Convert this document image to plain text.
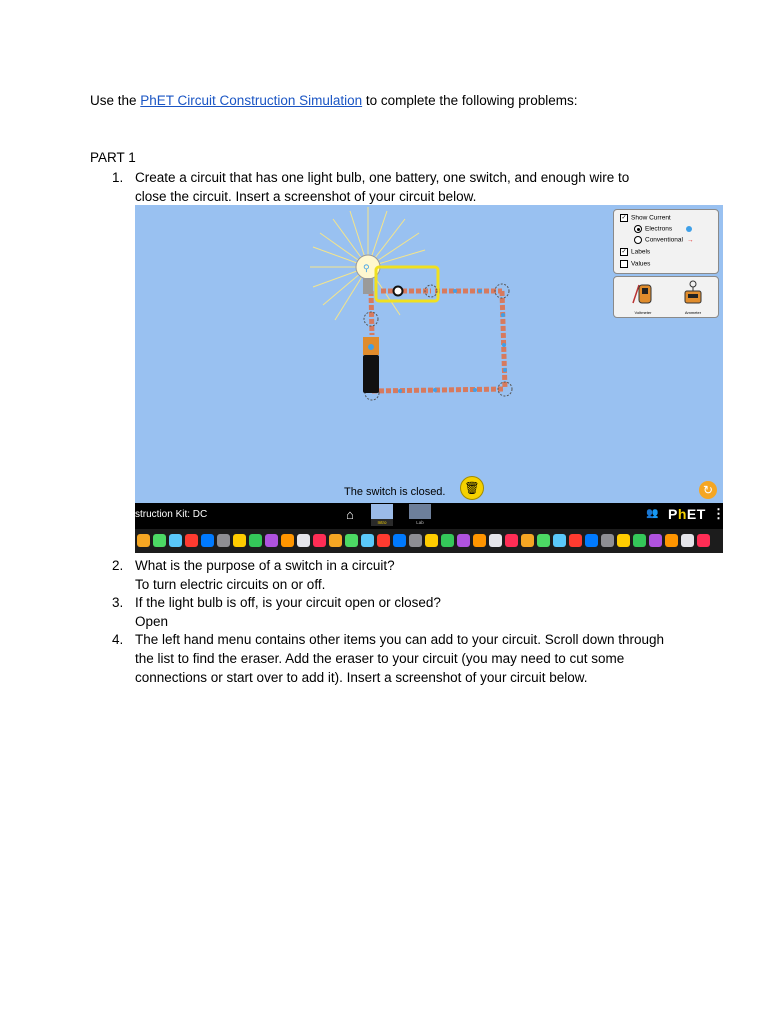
Use the PhET Circuit Construction Simulation to complete the following problems:
PART 1
1. Create a circuit that has one light bulb, one battery, one switch, and enough wire to
close the circuit. Insert a screenshot of your circuit below.
⚲
✓ Show Current
Electrons
Conventional →
✓ Labels
Values
Voltmeter	Ammeter
The switch is closed.	🗑	↻
struction Kit: DC	⌂
Intro	Lab
👥 PhET ⋮
2. What is the purpose of a switch in a circuit?
To turn electric circuits on or off.
3. If the light bulb is off, is your circuit open or closed?
Open
4. The left hand menu contains other items you can add to your circuit. Scroll down through
the list to find the eraser. Add the eraser to your circuit (you may need to cut some
connections or start over to add it). Insert a screenshot of your circuit below.
